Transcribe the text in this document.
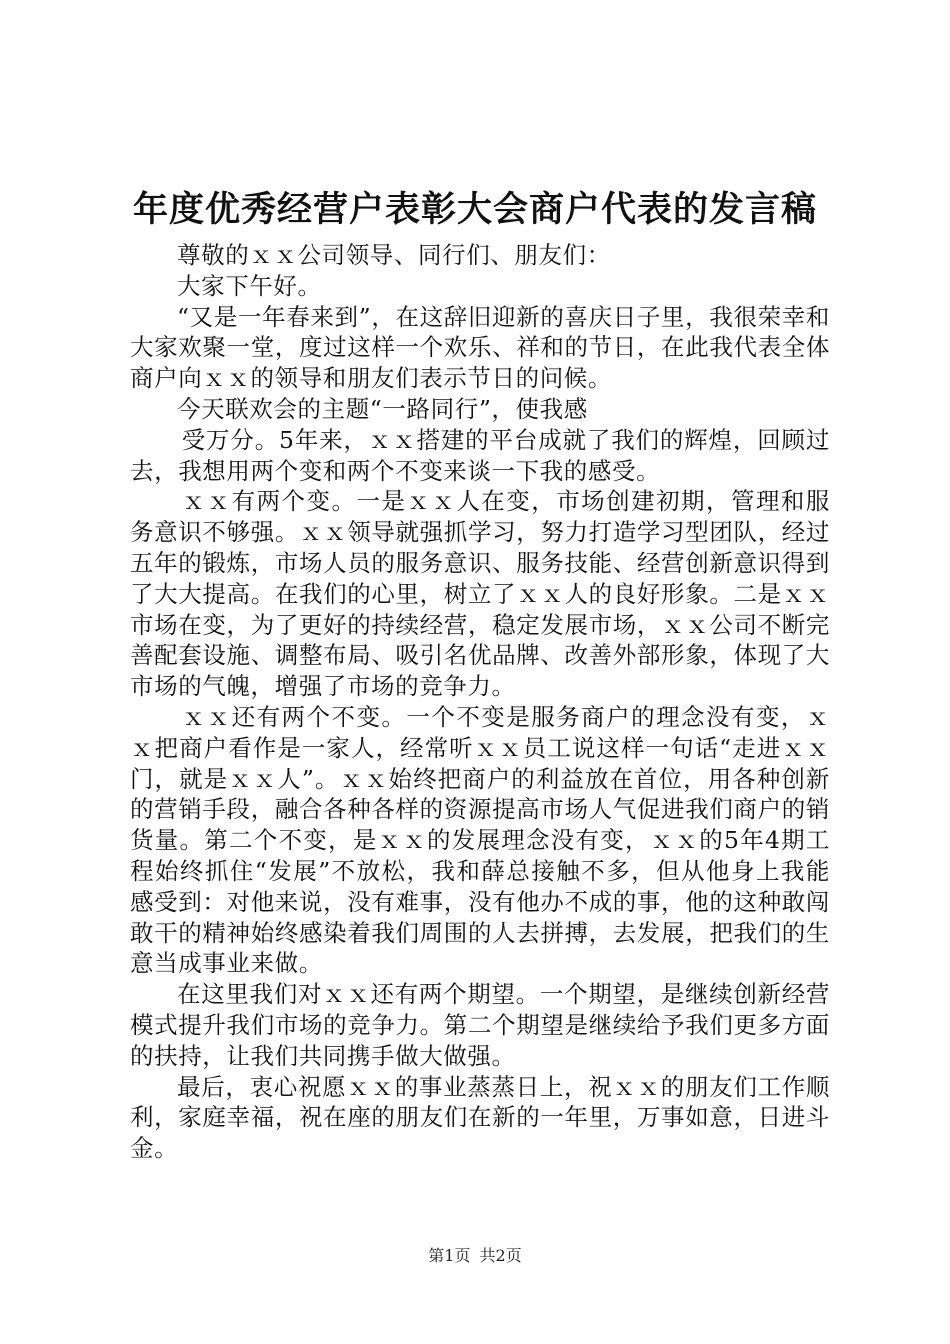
年度优秀经营户表彰大会商户代表的发言稿

尊敬的ｘｘ公司领导、同行们、朋友们：

大家下午好。

“又是一年春来到”，在这辞旧迎新的喜庆日子里，我很荣幸和大家欢聚一堂，度过这样一个欢乐、祥和的节日，在此我代表全体商户向ｘｘ的领导和朋友们表示节日的问候。

今天联欢会的主题“一路同行”，使我感

受万分。5年来，ｘｘ搭建的平台成就了我们的辉煌，回顾过去，我想用两个变和两个不变来谈一下我的感受。

ｘｘ有两个变。一是ｘｘ人在变，市场创建初期，管理和服务意识不够强。ｘｘ领导就强抓学习，努力打造学习型团队，经过五年的锻炼，市场人员的服务意识、服务技能、经营创新意识得到了大大提高。在我们的心里，树立了ｘｘ人的良好形象。二是ｘｘ市场在变，为了更好的持续经营，稳定发展市场，ｘｘ公司不断完善配套设施、调整布局、吸引名优品牌、改善外部形象，体现了大市场的气魄，增强了市场的竞争力。

ｘｘ还有两个不变。一个不变是服务商户的理念没有变，ｘｘ把商户看作是一家人，经常听ｘｘ员工说这样一句话“走进ｘｘ门，就是ｘｘ人”。ｘｘ始终把商户的利益放在首位，用各种创新的营销手段，融合各种各样的资源提高市场人气促进我们商户的销货量。第二个不变，是ｘｘ的发展理念没有变，ｘｘ的5年4期工程始终抓住“发展”不放松，我和薛总接触不多，但从他身上我能感受到：对他来说，没有难事，没有他办不成的事，他的这种敢闯敢干的精神始终感染着我们周围的人去拼搏，去发展，把我们的生意当成事业来做。

在这里我们对ｘｘ还有两个期望。一个期望，是继续创新经营模式提升我们市场的竞争力。第二个期望是继续给予我们更多方面的扶持，让我们共同携手做大做强。

最后，衷心祝愿ｘｘ的事业蒸蒸日上，祝ｘｘ的朋友们工作顺利，家庭幸福，祝在座的朋友们在新的一年里，万事如意，日进斗金。

第1页 共2页
